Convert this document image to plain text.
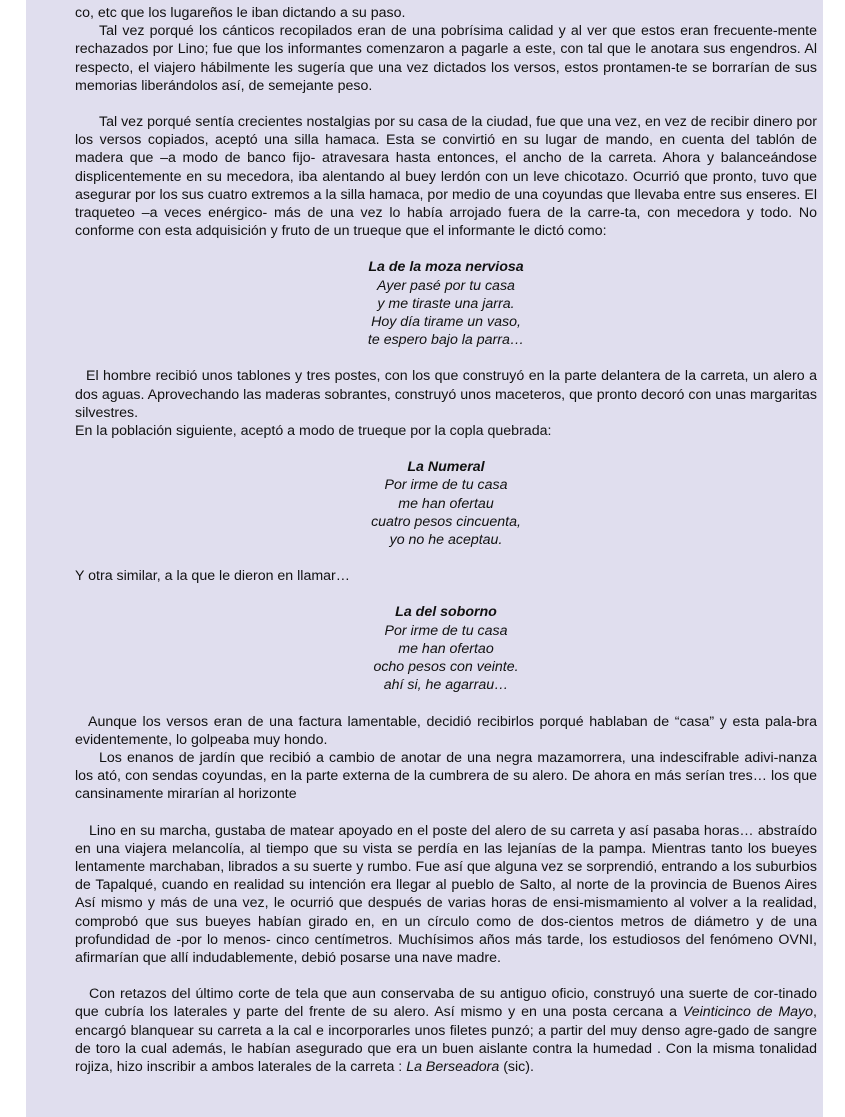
co, etc que los lugareños le iban dictando a su paso.

Tal vez porqué los cánticos recopilados eran de una pobrísima calidad y al ver que estos eran frecuente-mente rechazados por Lino; fue que los informantes comenzaron a pagarle a este, con tal que le anotara sus engendros. Al respecto, el viajero hábilmente les sugería que una vez dictados los versos, estos prontamen-te se borrarían de sus memorias liberándolos así, de semejante peso.

Tal vez porqué sentía crecientes nostalgias por su casa de la ciudad, fue que una vez, en vez de recibir dinero por los versos copiados, aceptó una silla hamaca. Esta se convirtió en su lugar de mando, en cuenta del tablón de madera que –a modo de banco fijo- atravesara hasta entonces, el ancho de la carreta. Ahora y balanceándose displicentemente en su mecedora, iba alentando al buey lerdón con un leve chicotazo. Ocurrió que pronto, tuvo que asegurar por los sus cuatro extremos a la silla hamaca, por medio de una coyundas que llevaba entre sus enseres. El traqueteo –a veces enérgico- más de una vez lo había arrojado fuera de la carre-ta, con mecedora y todo. No conforme con esta adquisición y fruto de un trueque que el informante le dictó como:

La de la moza nerviosa
Ayer pasé por tu casa
y me tiraste una jarra.
Hoy día tirame un vaso,
te espero bajo la parra…

El hombre recibió unos tablones y tres postes, con los que construyó en la parte delantera de la carreta, un alero a dos aguas. Aprovechando las maderas sobrantes, construyó unos maceteros, que pronto decoró con unas margaritas silvestres.

En la población siguiente, aceptó a modo de trueque por la copla quebrada:

La Numeral
Por irme de tu casa
me han ofertau
cuatro pesos cincuenta,
yo no he aceptau.

Y otra similar, a la que le dieron en llamar…

La del soborno
Por irme de tu casa
me han ofertao
ocho pesos con veinte.
ahí si, he agarrau…

Aunque los versos eran de una factura lamentable, decidió recibirlos porqué hablaban de “casa” y esta pala-bra evidentemente, lo golpeaba muy hondo.

Los enanos de jardín que recibió a cambio de anotar de una negra mazamorrera, una indescifrable adivi-nanza los ató, con sendas coyundas, en la parte externa de la cumbrera de su alero. De ahora en más serían tres… los que cansinamente mirarían al horizonte

Lino en su marcha, gustaba de matear apoyado en el poste del alero de su carreta y así pasaba horas… abstraído en una viajera melancolía, al tiempo que su vista se perdía en las lejanías de la pampa. Mientras tanto los bueyes lentamente marchaban, librados a su suerte y rumbo. Fue así que alguna vez se sorprendió, entrando a los suburbios de Tapalqué, cuando en realidad su intención era llegar al pueblo de Salto, al norte de la provincia de Buenos Aires Así mismo y más de una vez, le ocurrió que después de varias horas de ensi-mismamiento al volver a la realidad, comprobó que sus bueyes habían girado en, en un círculo como de dos-cientos metros de diámetro y de una profundidad de -por lo menos- cinco centímetros. Muchísimos años más tarde, los estudiosos del fenómeno OVNI, afirmarían que allí indudablemente, debió posarse una nave madre.

Con retazos del último corte de tela que aun conservaba de su antiguo oficio, construyó una suerte de cor-tinado que cubría los laterales y parte del frente de su alero. Así mismo y en una posta cercana a Veinticinco de Mayo, encargó blanquear su carreta a la cal e incorporarles unos filetes punzó; a partir del muy denso agre-gado de sangre de toro la cual además, le habían asegurado que era un buen aislante contra la humedad . Con la misma tonalidad rojiza, hizo inscribir a ambos laterales de la carreta : La Berseadora (sic).
